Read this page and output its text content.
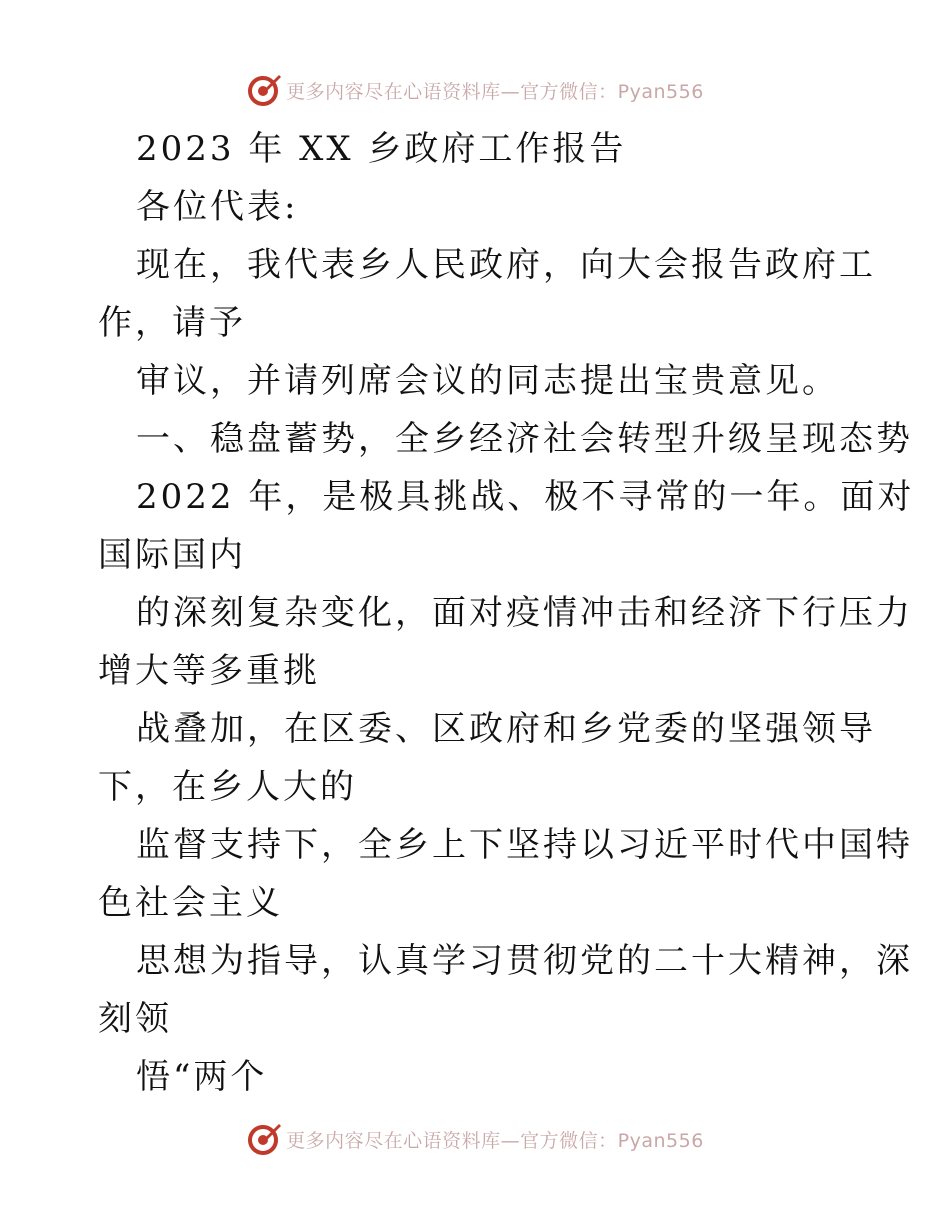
更多内容尽在心语资料库—官方微信：Pyan556
2023 年 XX 乡政府工作报告
各位代表:
现在，我代表乡人民政府，向大会报告政府工
作，请予
审议，并请列席会议的同志提出宝贵意见。
一、稳盘蓄势，全乡经济社会转型升级呈现态势
2022 年，是极具挑战、极不寻常的一年。面对
国际国内
的深刻复杂变化，面对疫情冲击和经济下行压力
增大等多重挑
战叠加，在区委、区政府和乡党委的坚强领导
下，在乡人大的
监督支持下，全乡上下坚持以习近平时代中国特
色社会主义
思想为指导，认真学习贯彻党的二十大精神，深
刻领
悟“两个
更多内容尽在心语资料库—官方微信：Pyan556
